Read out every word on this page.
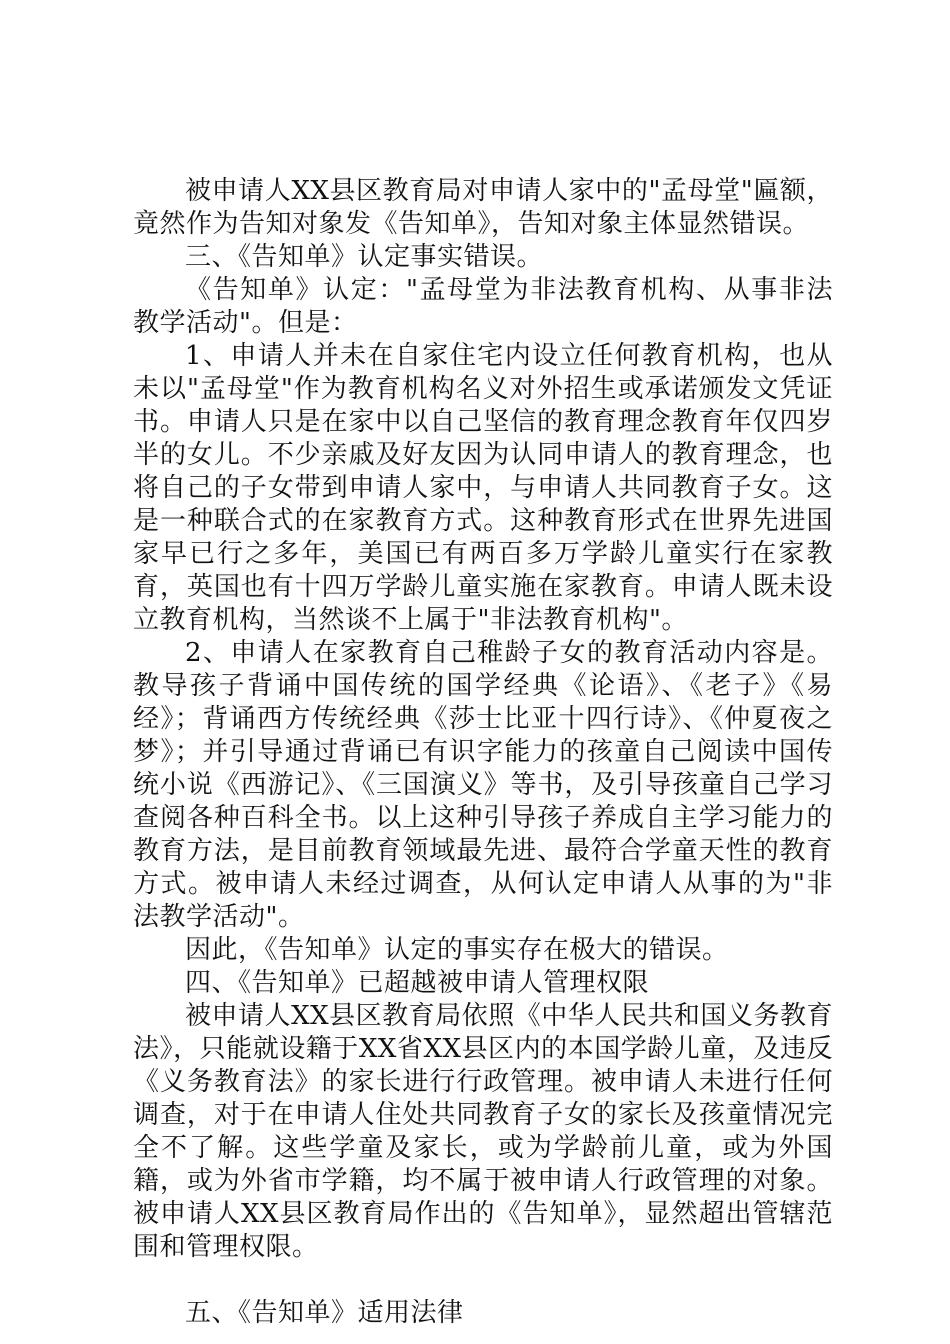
被申请人XX县区教育局对申请人家中的"孟母堂"匾额，竟然作为告知对象发《告知单》，告知对象主体显然错误。

三、《告知单》认定事实错误。

《告知单》认定："孟母堂为非法教育机构、从事非法教学活动"。但是：

1、申请人并未在自家住宅内设立任何教育机构，也从未以"孟母堂"作为教育机构名义对外招生或承诺颁发文凭证书。申请人只是在家中以自己坚信的教育理念教育年仅四岁半的女儿。不少亲戚及好友因为认同申请人的教育理念，也将自己的子女带到申请人家中，与申请人共同教育子女。这是一种联合式的在家教育方式。这种教育形式在世界先进国家早已行之多年，美国已有两百多万学龄儿童实行在家教育，英国也有十四万学龄儿童实施在家教育。申请人既未设立教育机构，当然谈不上属于"非法教育机构"。

2、申请人在家教育自己稚龄子女的教育活动内容是。教导孩子背诵中国传统的国学经典《论语》、《老子》《易经》；背诵西方传统经典《莎士比亚十四行诗》、《仲夏夜之梦》；并引导通过背诵已有识字能力的孩童自己阅读中国传统小说《西游记》、《三国演义》等书，及引导孩童自己学习查阅各种百科全书。以上这种引导孩子养成自主学习能力的教育方法，是目前教育领域最先进、最符合学童天性的教育方式。被申请人未经过调查，从何认定申请人从事的为"非法教学活动"。

因此，《告知单》认定的事实存在极大的错误。

四、《告知单》已超越被申请人管理权限

被申请人XX县区教育局依照《中华人民共和国义务教育法》，只能就设籍于XX省XX县区内的本国学龄儿童，及违反《义务教育法》的家长进行行政管理。被申请人未进行任何调查，对于在申请人住处共同教育子女的家长及孩童情况完全不了解。这些学童及家长，或为学龄前儿童，或为外国籍，或为外省市学籍，均不属于被申请人行政管理的对象。被申请人XX县区教育局作出的《告知单》，显然超出管辖范围和管理权限。

五、《告知单》适用法律
